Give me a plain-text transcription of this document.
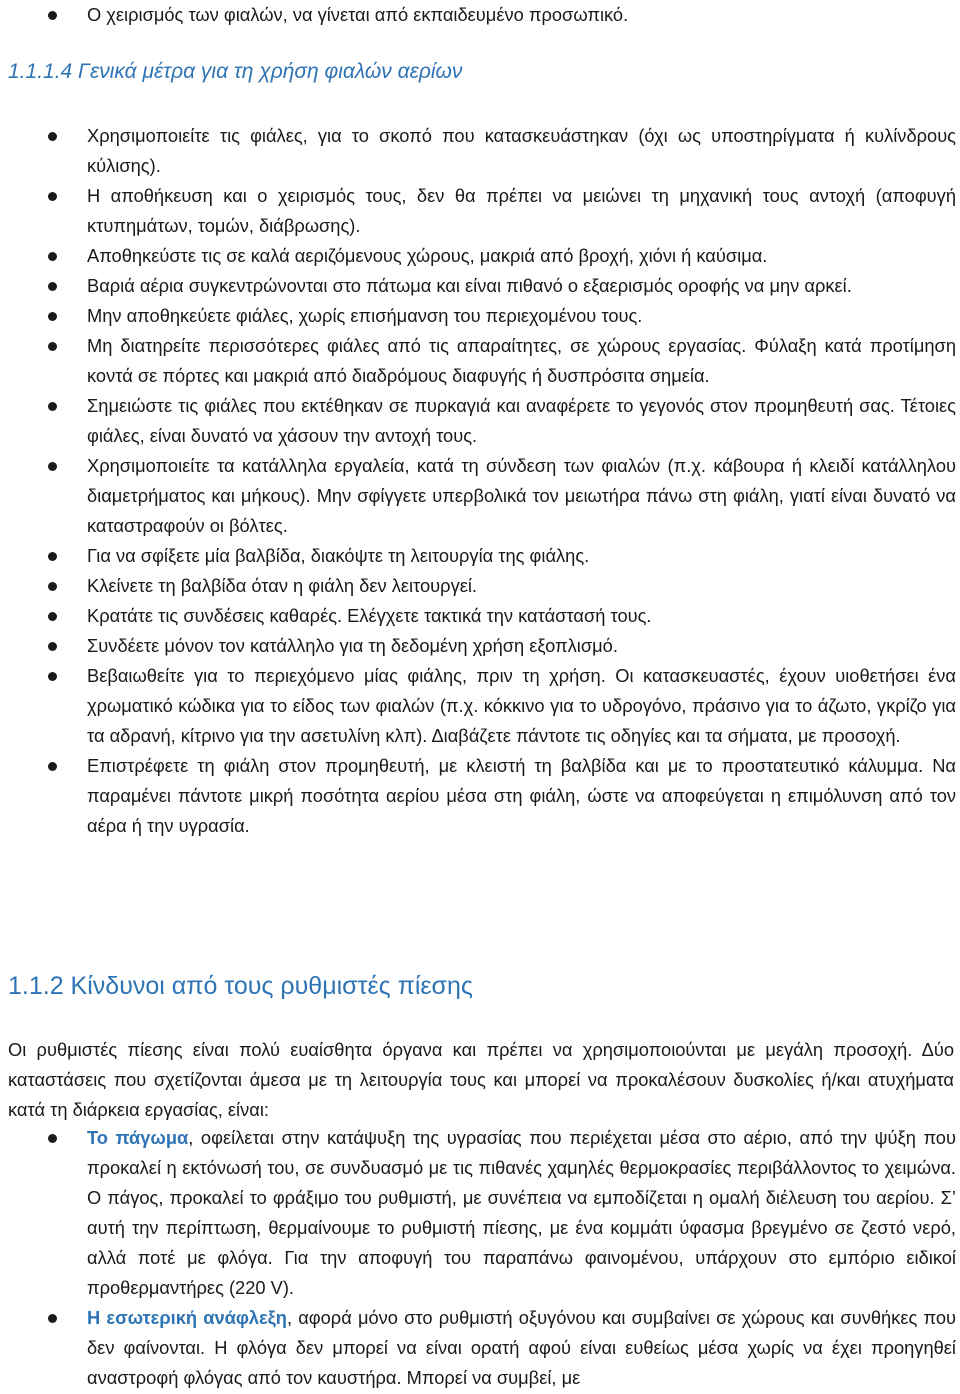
Ο χειρισμός των φιαλών, να γίνεται από εκπαιδευμένο προσωπικό.
1.1.1.4 Γενικά μέτρα για τη χρήση φιαλών αερίων
Χρησιμοποιείτε τις φιάλες, για το σκοπό που κατασκευάστηκαν (όχι ως υποστηρίγματα ή κυλίνδρους κύλισης).
Η αποθήκευση και ο χειρισμός τους, δεν θα πρέπει να μειώνει τη μηχανική τους αντοχή (αποφυγή κτυπημάτων, τομών, διάβρωσης).
Αποθηκεύστε τις σε καλά αεριζόμενους χώρους, μακριά από βροχή, χιόνι ή καύσιμα.
Βαριά αέρια συγκεντρώνονται στο πάτωμα και είναι πιθανό ο εξαερισμός οροφής να μην αρκεί.
Μην αποθηκεύετε φιάλες, χωρίς επισήμανση του περιεχομένου τους.
Μη διατηρείτε περισσότερες φιάλες από τις απαραίτητες, σε χώρους εργασίας. Φύλαξη κατά προτίμηση κοντά σε πόρτες και μακριά από διαδρόμους διαφυγής ή δυσπρόσιτα σημεία.
Σημειώστε τις φιάλες που εκτέθηκαν σε πυρκαγιά και αναφέρετε το γεγονός στον προμηθευτή σας. Τέτοιες φιάλες, είναι δυνατό να χάσουν την αντοχή τους.
Χρησιμοποιείτε τα κατάλληλα εργαλεία, κατά τη σύνδεση των φιαλών (π.χ. κάβουρα ή κλειδί κατάλληλου διαμετρήματος και μήκους). Μην σφίγγετε υπερβολικά τον μειωτήρα πάνω στη φιάλη, γιατί είναι δυνατό να καταστραφούν οι βόλτες.
Για να σφίξετε μία βαλβίδα, διακόψτε τη λειτουργία της φιάλης.
Κλείνετε τη βαλβίδα όταν η φιάλη δεν λειτουργεί.
Κρατάτε τις συνδέσεις καθαρές. Ελέγχετε τακτικά την κατάστασή τους.
Συνδέετε μόνον τον κατάλληλο για τη δεδομένη χρήση εξοπλισμό.
Βεβαιωθείτε για το περιεχόμενο μίας φιάλης, πριν τη χρήση. Οι κατασκευαστές, έχουν υιοθετήσει ένα χρωματικό κώδικα για το είδος των φιαλών (π.χ. κόκκινο για το υδρογόνο, πράσινο για το άζωτο, γκρίζο για τα αδρανή, κίτρινο για την ασετυλίνη κλπ). Διαβάζετε πάντοτε τις οδηγίες και τα σήματα, με προσοχή.
Επιστρέφετε τη φιάλη στον προμηθευτή, με κλειστή τη βαλβίδα και με το προστατευτικό κάλυμμα. Να παραμένει πάντοτε μικρή ποσότητα αερίου μέσα στη φιάλη, ώστε να αποφεύγεται η επιμόλυνση από τον αέρα ή την υγρασία.
1.1.2 Κίνδυνοι από τους ρυθμιστές πίεσης
Οι ρυθμιστές πίεσης είναι πολύ ευαίσθητα όργανα και πρέπει να χρησιμοποιούνται με μεγάλη προσοχή. Δύο καταστάσεις που σχετίζονται άμεσα με τη λειτουργία τους και μπορεί να προκαλέσουν δυσκολίες ή/και ατυχήματα κατά τη διάρκεια εργασίας, είναι:
Το πάγωμα, οφείλεται στην κατάψυξη της υγρασίας που περιέχεται μέσα στο αέριο, από την ψύξη που προκαλεί η εκτόνωσή του, σε συνδυασμό με τις πιθανές χαμηλές θερμοκρασίες περιβάλλοντος το χειμώνα. Ο πάγος, προκαλεί το φράξιμο του ρυθμιστή, με συνέπεια να εμποδίζεται η ομαλή διέλευση του αερίου. Σ’ αυτή την περίπτωση, θερμαίνουμε το ρυθμιστή πίεσης, με ένα κομμάτι ύφασμα βρεγμένο σε ζεστό νερό, αλλά ποτέ με φλόγα. Για την αποφυγή του παραπάνω φαινομένου, υπάρχουν στο εμπόριο ειδικοί προθερμαντήρες (220 V).
Η εσωτερική ανάφλεξη, αφορά μόνο στο ρυθμιστή οξυγόνου και συμβαίνει σε χώρους και συνθήκες που δεν φαίνονται. Η φλόγα δεν μπορεί να είναι ορατή αφού είναι ευθείως μέσα χωρίς να έχει προηγηθεί αναστροφή φλόγας από τον καυστήρα. Μπορεί να συμβεί, με
